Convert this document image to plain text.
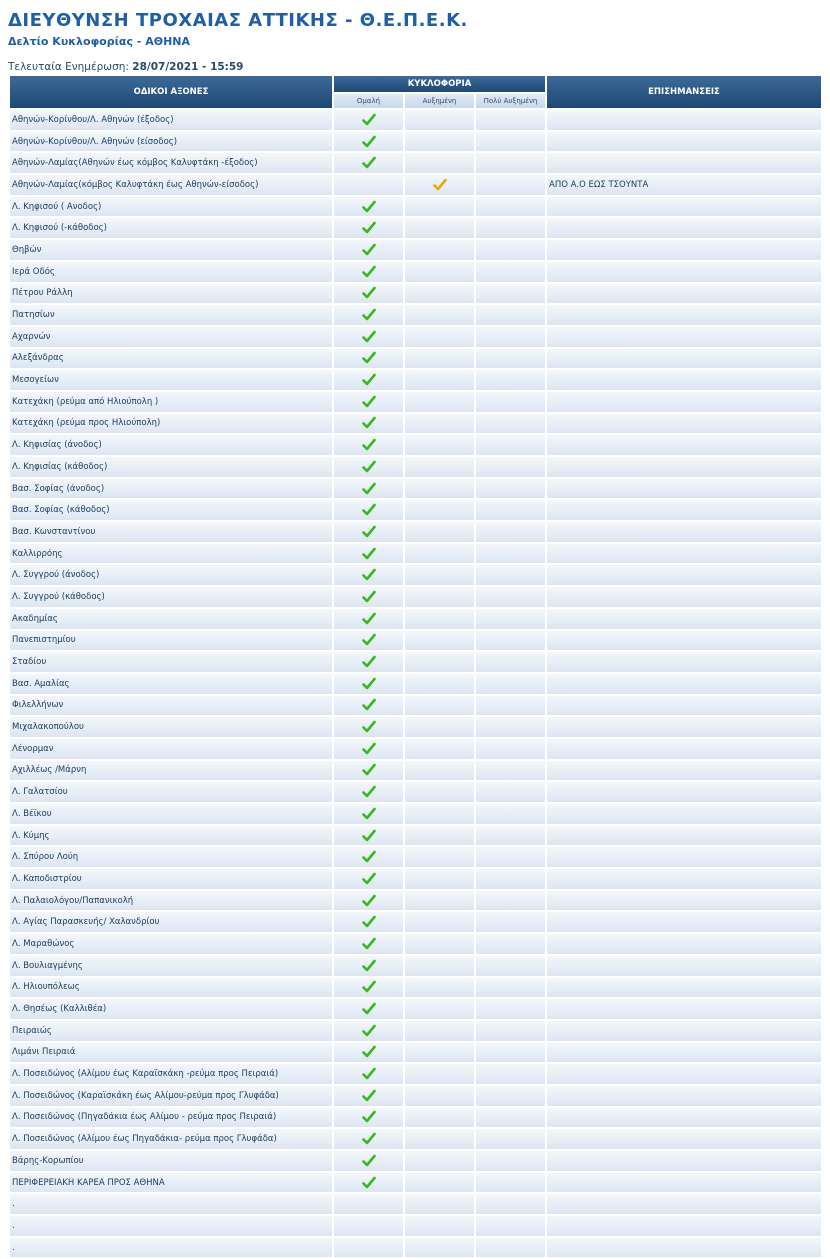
ΔΙΕΥΘΥΝΣΗ ΤΡΟΧΑΙΑΣ ΑΤΤΙΚΗΣ - Θ.Ε.Π.Ε.Κ.
Δελτίο Κυκλοφορίας - ΑΘΗΝΑ
Τελευταία Ενημέρωση: 28/07/2021 - 15:59
ΟΔΙΚΟΙ ΑΞΟΝΕΣ	ΚΥΚΛΟΦΟΡΙΑ			ΕΠΙΣΗΜΑΝΣΕΙΣ
	Ομαλή	Αυξημένη	Πολύ Αυξημένη	
Αθηνών-Κορίνθου/Λ. Αθηνών (έξοδος)				
Αθηνών-Κορίνθου/Λ. Αθηνών (είσοδος)				
Αθηνών-Λαμίας(Αθηνών έως κόμβος Καλυφτάκη -έξοδος)				
Αθηνών-Λαμίας(κόμβος Καλυφτάκη έως Αθηνών-είσοδος)				ΑΠΟ Α.Ο ΕΩΣ ΤΣΟΥΝΤΑ
Λ. Κηφισού ( Ανοδος)				
Λ. Κηφισού (-κάθοδος)				
Θηβών				
Ιερά Οδός				
Πέτρου Ράλλη				
Πατησίων				
Αχαρνών				
Αλεξάνδρας				
Μεσογείων				
Κατεχάκη (ρεύμα από Ηλιούπολη )				
Κατεχάκη (ρεύμα προς Ηλιούπολη)				
Λ. Κηφισίας (άνοδος)				
Λ. Κηφισίας (κάθοδος)				
Βασ. Σοφίας (άνοδος)				
Βασ. Σοφίας (κάθοδος)				
Βασ. Κωνσταντίνου				
Καλλιρρόης				
Λ. Συγγρού (άνοδος)				
Λ. Συγγρού (κάθοδος)				
Ακαδημίας				
Πανεπιστημίου				
Σταδίου				
Βασ. Αμαλίας				
Φιλελλήνων				
Μιχαλακοπούλου				
Λένορμαν				
Αχιλλέως /Μάρνη				
Λ. Γαλατσίου				
Λ. Βέϊκου				
Λ. Κύμης				
Λ. Σπύρου Λούη				
Λ. Καποδιστρίου				
Λ. Παλαιολόγου/Παπανικολή				
Λ. Αγίας Παρασκευής/ Χαλανδρίου				
Λ. Μαραθώνος				
Λ. Βουλιαγμένης				
Λ. Ηλιουπόλεως				
Λ. Θησέως (Καλλιθέα)				
Πειραιώς				
Λιμάνι Πειραιά				
Λ. Ποσειδώνος (Αλίμου έως Καραϊσκάκη -ρεύμα προς Πειραιά)				
Λ. Ποσειδώνος (Καραϊσκάκη έως Αλίμου-ρεύμα προς Γλυφάδα)				
Λ. Ποσειδώνος (Πηγαδάκια έως Αλίμου - ρεύμα προς Πειραιά)				
Λ. Ποσειδώνος (Αλίμου έως Πηγαδάκια- ρεύμα προς Γλυφάδα)				
Βάρης-Κορωπίου				
ΠΕΡΙΦΕΡΕΙΑΚΗ ΚΑΡΕΑ ΠΡΟΣ ΑΘΗΝΑ				
.				
.				
.				
